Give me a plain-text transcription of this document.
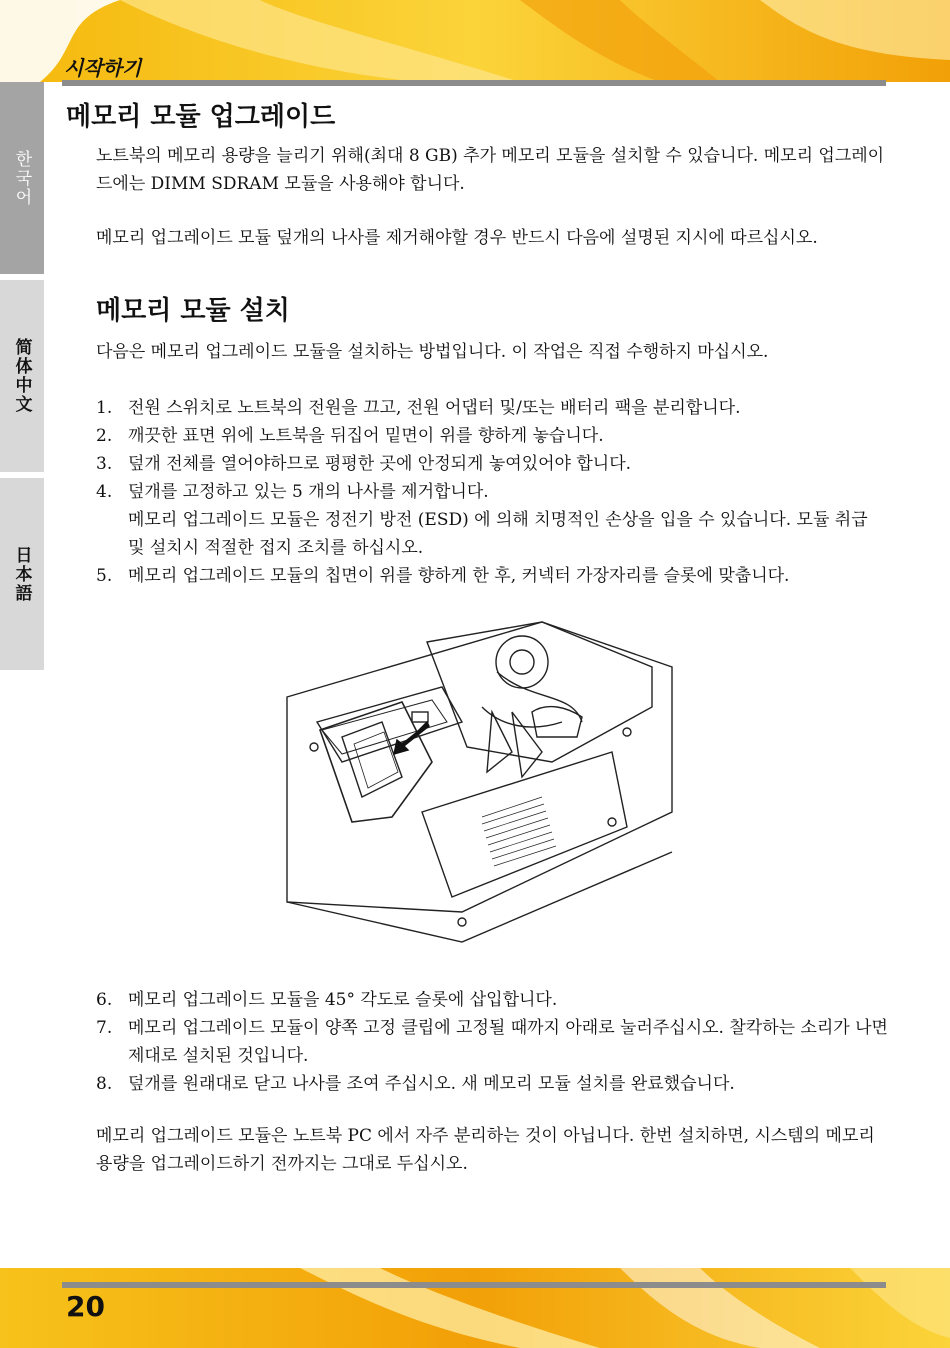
시작하기
한국어
简体中文
日本語
메모리 모듈 업그레이드

노트북의 메모리 용량을 늘리기 위해(최대 8 GB) 추가 메모리 모듈을 설치할 수 있습니다. 메모리 업그레이드에는 DIMM SDRAM 모듈을 사용해야 합니다.

메모리 업그레이드 모듈 덮개의 나사를 제거해야할 경우 반드시 다음에 설명된 지시에 따르십시오.

메모리 모듈 설치

다음은 메모리 업그레이드 모듈을 설치하는 방법입니다. 이 작업은 직접 수행하지 마십시오.

1. 전원 스위치로 노트북의 전원을 끄고, 전원 어댑터 및/또는 배터리 팩을 분리합니다.
2. 깨끗한 표면 위에 노트북을 뒤집어 밑면이 위를 향하게 놓습니다.
3. 덮개 전체를 열어야하므로 평평한 곳에 안정되게 놓여있어야 합니다.
4. 덮개를 고정하고 있는 5 개의 나사를 제거합니다.
메모리 업그레이드 모듈은 정전기 방전 (ESD) 에 의해 치명적인 손상을 입을 수 있습니다. 모듈 취급 및 설치시 적절한 접지 조치를 하십시오.
5. 메모리 업그레이드 모듈의 칩면이 위를 향하게 한 후, 커넥터 가장자리를 슬롯에 맞춥니다.
6. 메모리 업그레이드 모듈을 45° 각도로 슬롯에 삽입합니다.
7. 메모리 업그레이드 모듈이 양쪽 고정 클립에 고정될 때까지 아래로 눌러주십시오. 찰칵하는 소리가 나면 제대로 설치된 것입니다.
8. 덮개를 원래대로 닫고 나사를 조여 주십시오. 새 메모리 모듈 설치를 완료했습니다.

메모리 업그레이드 모듈은 노트북 PC 에서 자주 분리하는 것이 아닙니다. 한번 설치하면, 시스템의 메모리 용량을 업그레이드하기 전까지는 그대로 두십시오.

20
